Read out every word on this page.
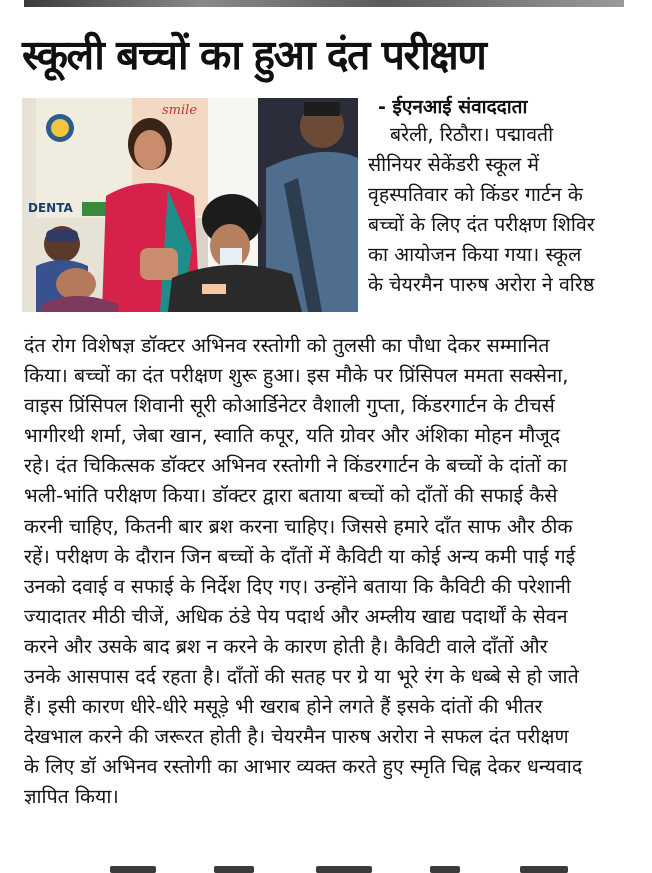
स्कूली बच्चों का हुआ दंत परीक्षण
smile
DENTA
- ईएनआई संवाददाता
बरेली, रिठौरा। पद्मावती
सीनियर सेकेंडरी स्कूल में
वृहस्पतिवार को किंडर गार्टन के
बच्चों के लिए दंत परीक्षण शिविर
का आयोजन किया गया। स्कूल
के चेयरमैन पारुष अरोरा ने वरिष्ठ
दंत रोग विशेषज्ञ डॉक्टर अभिनव रस्तोगी को तुलसी का पौधा देकर सम्मानित
किया। बच्चों का दंत परीक्षण शुरू हुआ। इस मौके पर प्रिंसिपल ममता सक्सेना,
वाइस प्रिंसिपल शिवानी सूरी कोआर्डिनेटर वैशाली गुप्ता, किंडरगार्टन के टीचर्स
भागीरथी शर्मा, जेबा खान, स्वाति कपूर, यति ग्रोवर और अंशिका मोहन मौजूद
रहे। दंत चिकित्सक डॉक्टर अभिनव रस्तोगी ने किंडरगार्टन के बच्चों के दांतों का
भली-भांति परीक्षण किया। डॉक्टर द्वारा बताया बच्चों को दाँतों की सफाई कैसे
करनी चाहिए, कितनी बार ब्रश करना चाहिए। जिससे हमारे दाँत साफ और ठीक
रहें। परीक्षण के दौरान जिन बच्चों के दाँतों में कैविटी या कोई अन्य कमी पाई गई
उनको दवाई व सफाई के निर्देश दिए गए। उन्होंने बताया कि कैविटी की परेशानी
ज्यादातर मीठी चीजें, अधिक ठंडे पेय पदार्थ और अम्लीय खाद्य पदार्थों के सेवन
करने और उसके बाद ब्रश न करने के कारण होती है। कैविटी वाले दाँतों और
उनके आसपास दर्द रहता है। दाँतों की सतह पर ग्रे या भूरे रंग के धब्बे से हो जाते
हैं। इसी कारण धीरे-धीरे मसूड़े भी खराब होने लगते हैं इसके दांतों की भीतर
देखभाल करने की जरूरत होती है। चेयरमैन पारुष अरोरा ने सफल दंत परीक्षण
के लिए डॉ अभिनव रस्तोगी का आभार व्यक्त करते हुए स्मृति चिह्न देकर धन्यवाद
ज्ञापित किया।
